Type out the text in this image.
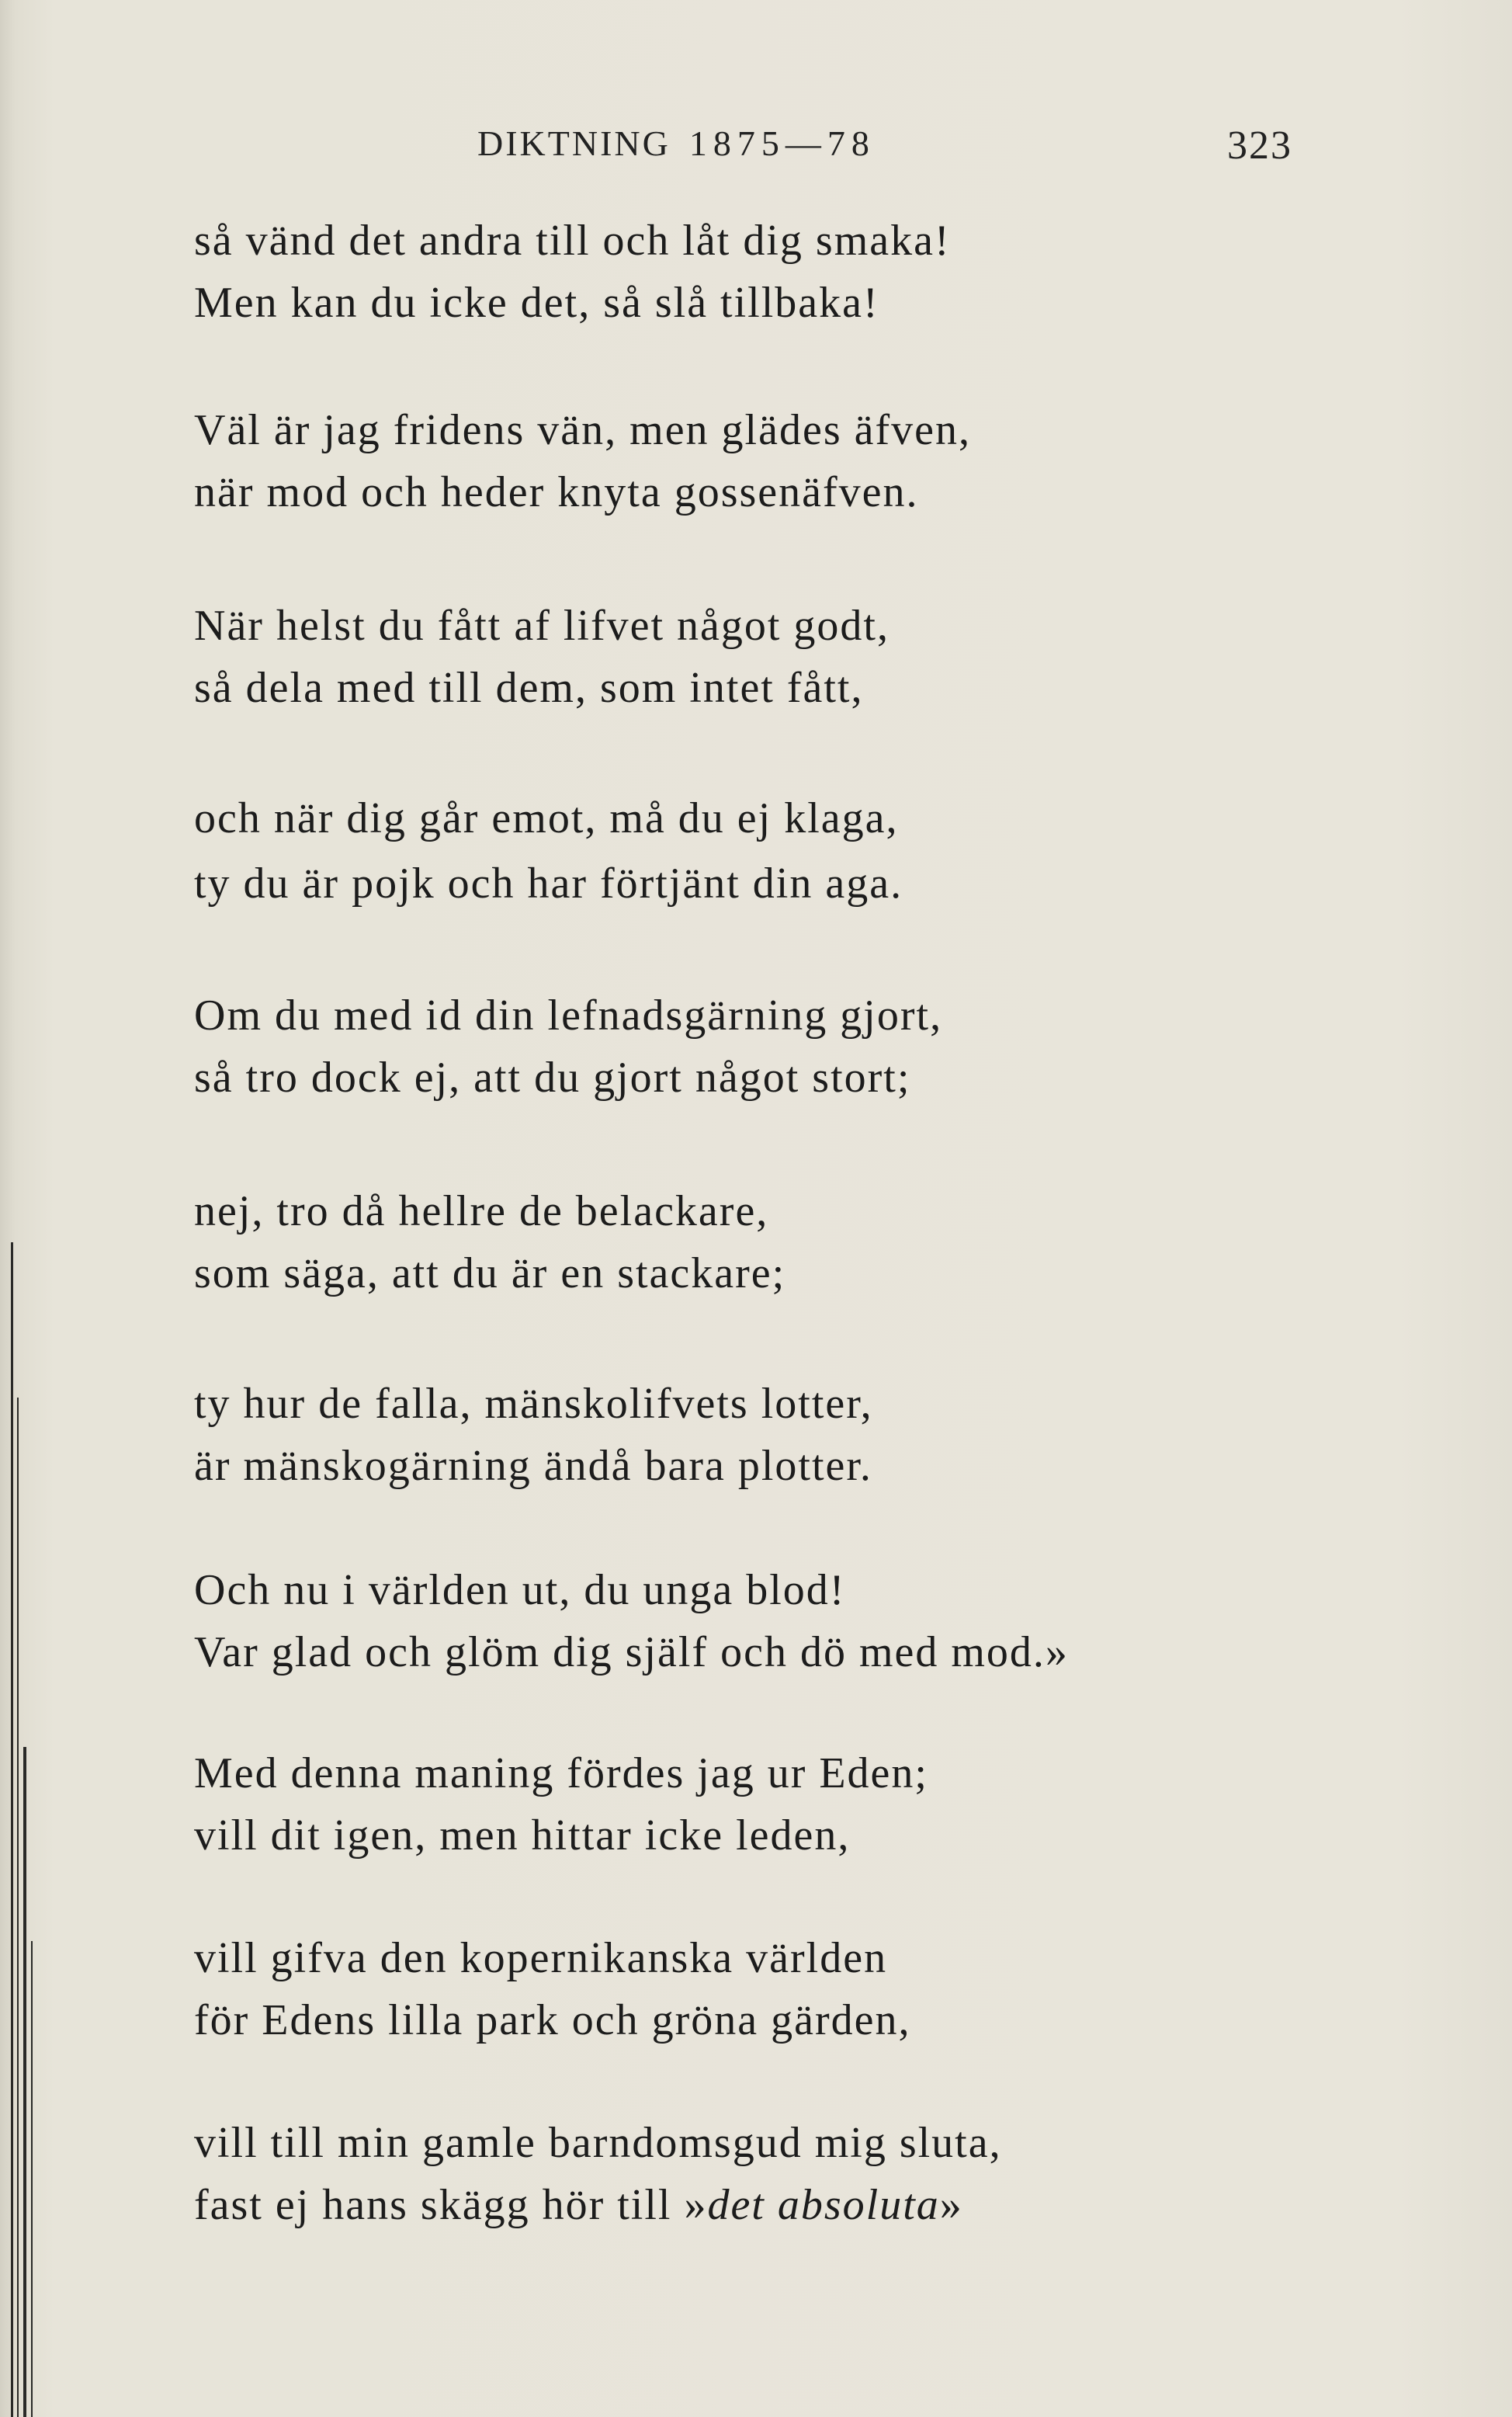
DIKTNING 1875—78	323
så vänd det andra till och låt dig smaka!
Men kan du icke det, så slå tillbaka!
Väl är jag fridens vän, men glädes äfven,
när mod och heder knyta gossenäfven.
När helst du fått af lifvet något godt,
så dela med till dem, som intet fått,
och när dig går emot, må du ej klaga,
ty du är pojk och har förtjänt din aga.
Om du med id din lefnadsgärning gjort,
så tro dock ej, att du gjort något stort;
nej, tro då hellre de belackare,
som säga, att du är en stackare;
ty hur de falla, mänskolifvets lotter,
är mänskogärning ändå bara plotter.
Och nu i världen ut, du unga blod!
Var glad och glöm dig själf och dö med mod.»
Med denna maning fördes jag ur Eden;
vill dit igen, men hittar icke leden,
vill gifva den kopernikanska världen
för Edens lilla park och gröna gärden,
vill till min gamle barndomsgud mig sluta,
fast ej hans skägg hör till »det absoluta»
